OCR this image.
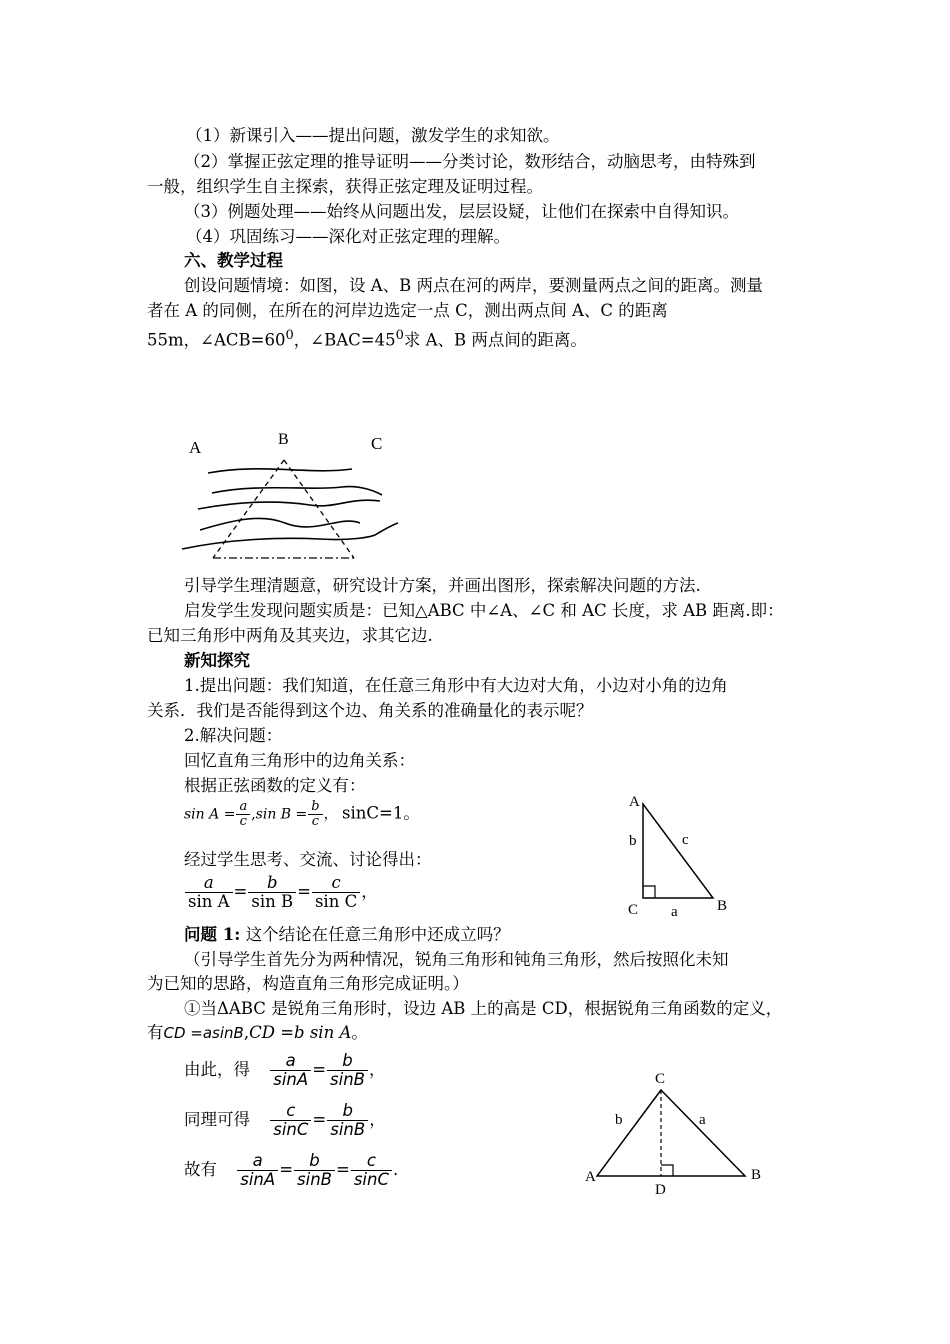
（1）新课引入——提出问题，激发学生的求知欲。
（2）掌握正弦定理的推导证明——分类讨论，数形结合，动脑思考，由特殊到
一般，组织学生自主探索，获得正弦定理及证明过程。
（3）例题处理——始终从问题出发，层层设疑，让他们在探索中自得知识。
（4）巩固练习——深化对正弦定理的理解。
六、教学过程
创设问题情境：如图，设 A、B 两点在河的两岸，要测量两点之间的距离。测量
者在 A 的同侧，在所在的河岸边选定一点 C，测出两点间 A、C 的距离
55m，$\angle ACB=60^0$，$\angle BAC=45^0$求 A、B 两点间的距离。
A	B	C
引导学生理清题意，研究设计方案，并画出图形，探索解决问题的方法.
启发学生发现问题实质是：已知△ABC 中∠A、∠C 和 AC 长度，求 AB 距离.即：
已知三角形中两角及其夹边，求其它边.
新知探究
1.提出问题：我们知道，在任意三角形中有大边对大角，小边对小角的边角
关系．我们是否能得到这个边、角关系的准确量化的表示呢？
2.解决问题：
回忆直角三角形中的边角关系：
根据正弦函数的定义有：
$\sin A = \frac{a}{c} ,\sin$ $B = \frac{b}{c}$ ， sinC=1。
经过学生思考、交流、讨论得出：
$\frac{a}{\text{sin A}} = \frac{b}{\text{sin B}} = \frac{c}{\text{sin C}}$ ，
A
B
C a
b	c
问题 1: 这个结论在任意三角形中还成立吗？
（引导学生首先分为两种情况，锐角三角形和钝角三角形，然后按照化未知
为已知的思路，构造直角三角形完成证明。）
①当ΔABC 是锐角三角形时，设边 AB 上的高是 CD，根据锐角三角函数的定义，
有CD =asinB,CD =b sin A。
由此，得 $\frac{a}{\sin A} = \frac{b}{\sin B}$ ，
同理可得 $\frac{c}{\sin C} = \frac{b}{\sin B}$ ，
故有 $\frac{a}{\sin A} = \frac{b}{\sin B} = \frac{c}{\sin C}$ .
C
A	B
D
b	a
